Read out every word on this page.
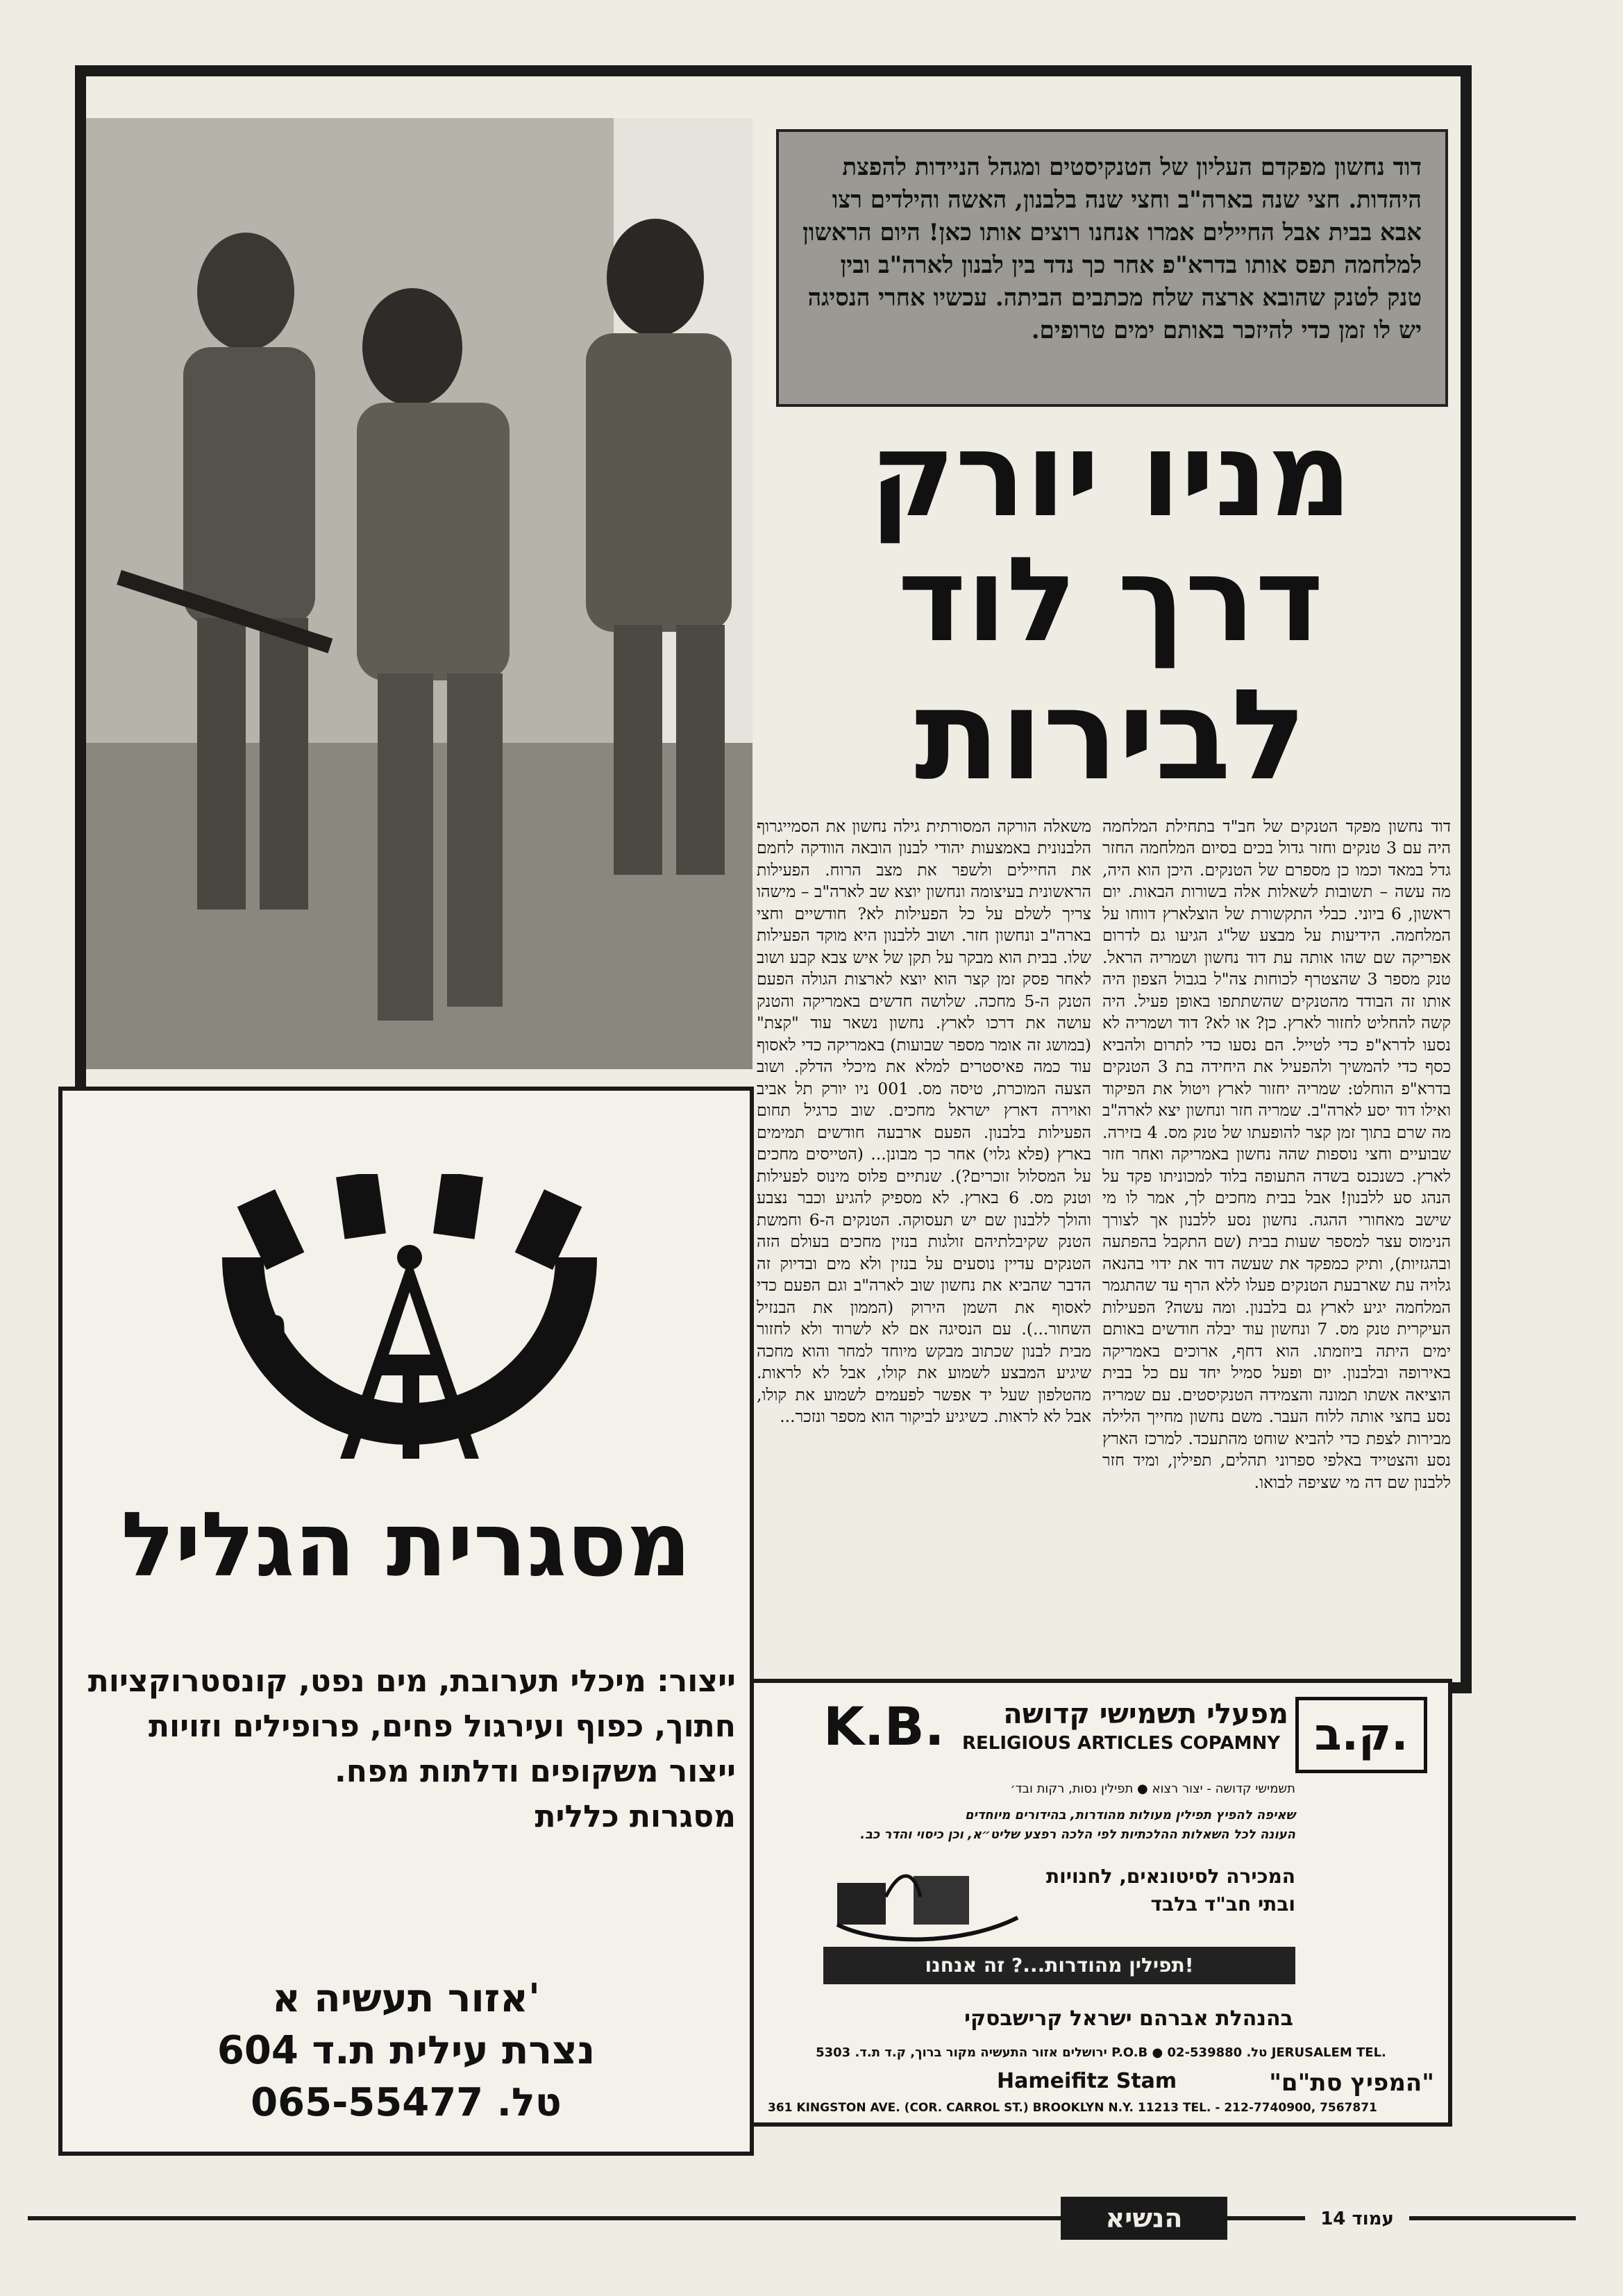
דוד נחשון מפקדם העליון של הטנקיסטים ומגהל הניידות להפצת היהדות. חצי שנה בארה"ב וחצי שנה בלבנון, האשה והילדים רצו אבא בבית אבל החיילים אמרו אנחנו רוצים אותו כאן! היום הראשון למלחמה תפס אותו בדרא"פ אחר כך נדד בין לבנון לארה"ב ובין טנק לטנק שהובא ארצה שלח מכתבים הביתה. עכשיו אחרי הנסיגה יש לו זמן כדי להיזכר באותם ימים טרופים.
מניו יורק
דרך לוד
לבירות
דוד נחשון מפקד הטנקים של חב"ד בתחילת המלחמה היה עם 3 טנקים וחזר גדול בכים בסיום המלחמה החזר גדל במאד וכמו כן מספרם של הטנקים. היכן הוא היה, מה עשה – תשובות לשאלות אלה בשורות הבאות. יום ראשון, 6 ביוני. כבלי התקשורת של הוצלארץ דווחו על המלחמה. הידיעות על מבצע של"ג הגיעו גם לדרום אפריקה שם שהו אותה עת דוד נחשון ושמריה הראל. טנק מספר 3 שהצטרף לכוחות צה"ל בגבול הצפון היה אותו זה הבודד מהטנקים שהשתתפו באופן פעיל. היה קשה להחליט לחזור לארץ. כן? או לא? דוד ושמריה לא נסעו לדרא"פ כדי לטייל. הם נסעו כדי לתרום ולהביא כסף כדי להמשיך ולהפעיל את היחידה בת 3 הטנקים בדרא"פ הוחלט: שמריה יחזור לארץ ויטול את הפיקוד ואילו דוד יסע לארה"ב. שמריה חזר ונחשון יצא לארה"ב מה שרם בתוך זמן קצר להופעתו של טנק מס. 4 בזירה. שבועיים וחצי נוספות שהה נחשון באמריקה ואחר חזר לארץ. כשנכנס בשדה התעופה בלוד למכוניתו פקד על הנהג סע ללבנון! אבל בבית מחכים לך, אמר לו מי שישב מאחורי ההגה. נחשון נסע ללבנון אך לצורך הנימוס עצר למספר שעות בבית (שם התקבל בהפתעה ובהגזיות), ותיק כמפקד את שעשה דוד את ידוי בהנאה גלויה עת שארבעת הטנקים פעלו ללא הרף עד שהתגמר המלחמה יגיע לארץ גם בלבנון. ומה עשה? הפעילות העיקרית טנק מס. 7 ונחשון עוד יבלה חודשים באותם ימים היתה ביוזמתו. הוא דחף, ארוכים באמריקה באירופה ובלבנון. יום ופעל סמיל יחד עם כל בבית הוציאה אשתו תמונה והצמידה הטנקיסטים. עם שמריה נסע בחצי אותה ללוח העבר. משם נחשון מחייך הלילה מבירות לצפת כדי להביא שוחט מהתעכד. למרכז הארץ נסע והצטייד באלפי ספרוני תהלים, תפילין, ומיד חזר ללבנון שם דה מי שציפה לבואו.
משאלה הורקה המסורתית גילה נחשון את הסמייגרוף הלבנונית באמצעות יהודי לבנון הובאה הוודקה לחמם את החיילים ולשפר את מצב הרוח. הפעילות הראשונית בעיצומה ונחשון יוצא שב לארה"ב – מישהו צריך לשלם על כל הפעילות לא? חודשיים וחצי בארה"ב ונחשון חזר. ושוב ללבנון היא מוקד הפעילות שלו. בבית הוא מבקר על תקן של איש צבא קבע ושוב לאחר פסק זמן קצר הוא יוצא לארצות הגולה הפעם הטנק ה-5 מחכה. שלושה חדשים באמריקה והטנק עושה את דרכו לארץ. נחשון נשאר עוד "קצת" (במושג זה אומר מספר שבועות) באמריקה כדי לאסוף עוד כמה פאיסטרים למלא את מיכלי הדלק. ושוב הצעה המוכרת, טיסה מס. 001 ניו יורק תל אביב ואוירה דארץ ישראל מחכים. שוב כרגיל תחום הפעילות בלבנון. הפעם ארבעה חודשים תמימים בארץ (פלא גלוי) אחר כך מבונן... (הטייסים מחכים על המסלול זוכרים?). שנתיים פלוס מינוס לפעילות וטנק מס. 6 בארץ. לא מספיק להגיע וכבר נצבע והולך ללבנון שם יש תעסוקה. הטנקים ה-6 וחמשת הטנק שקיבלתיהם זולגות בנזין מחכים בעולם הזה הטנקים עדיין נוסעים על בנזין ולא מים ובדיוק זה הדבר שהביא את נחשון שוב לארה"ב וגם הפעם כדי לאסוף את השמן הירוק (הממון את הבנזיל השחור...). עם הנסיגה אם לא לשרוד ולא לחזור מבית לבנון שכתוב מבקש מיוחד למחר והוא מחכה שיגיע המבצע לשמוע את קולו, אבל לא לראות. מהטלפון שעל יד אפשר לפעמים לשמוע את קולו, אבל לא לראות. כשיגיע לביקור הוא מספר ונזכר...
מ
ג
מסגרית הגליל
ייצור: מיכלי תערובת, מים נפט, קונסטרוקציות
חתוך, כפוף ועירגול פחים, פרופילים וזויות
ייצור משקופים ודלתות מפח.
מסגרות כללית
אזור תעשיה א'
נצרת עילית ת.ד 604
טל. 065-55477
ק.ב.
מפעלי תשמישי קדושה
K.B. RELIGIOUS ARTICLES COPAMNY
תשמישי קדושה - יצור רצוא ● תפילין נסות, רקות ובד׳
שאיפה להפיץ תפילין מעולות מהודרות, בהידורים מיוחדים
העונה לכל השאלות ההלכתיות לפי הלכה רפצע שליט״א, וכן כיסוי והדר כב.
המכירה לסיטונאים, לחנויות
ובתי חב"ד בלבד
תפילין מהודרות...? זה אנחנו!
בהנהלת אברהם ישראל קרישבסקי
ירושלים אזור התעשיה מקור ברוך, ק.ד ת.ד. 5303 P.O.B ● טל. 02-539880 JERUSALEM TEL.
Hameifitz Stam	"המפיץ סת"ם"
361 KINGSTON AVE. (COR. CARROL ST.) BROOKLYN N.Y. 11213 TEL. - 212-7740900, 7567871
הנשיא	עמוד 14
